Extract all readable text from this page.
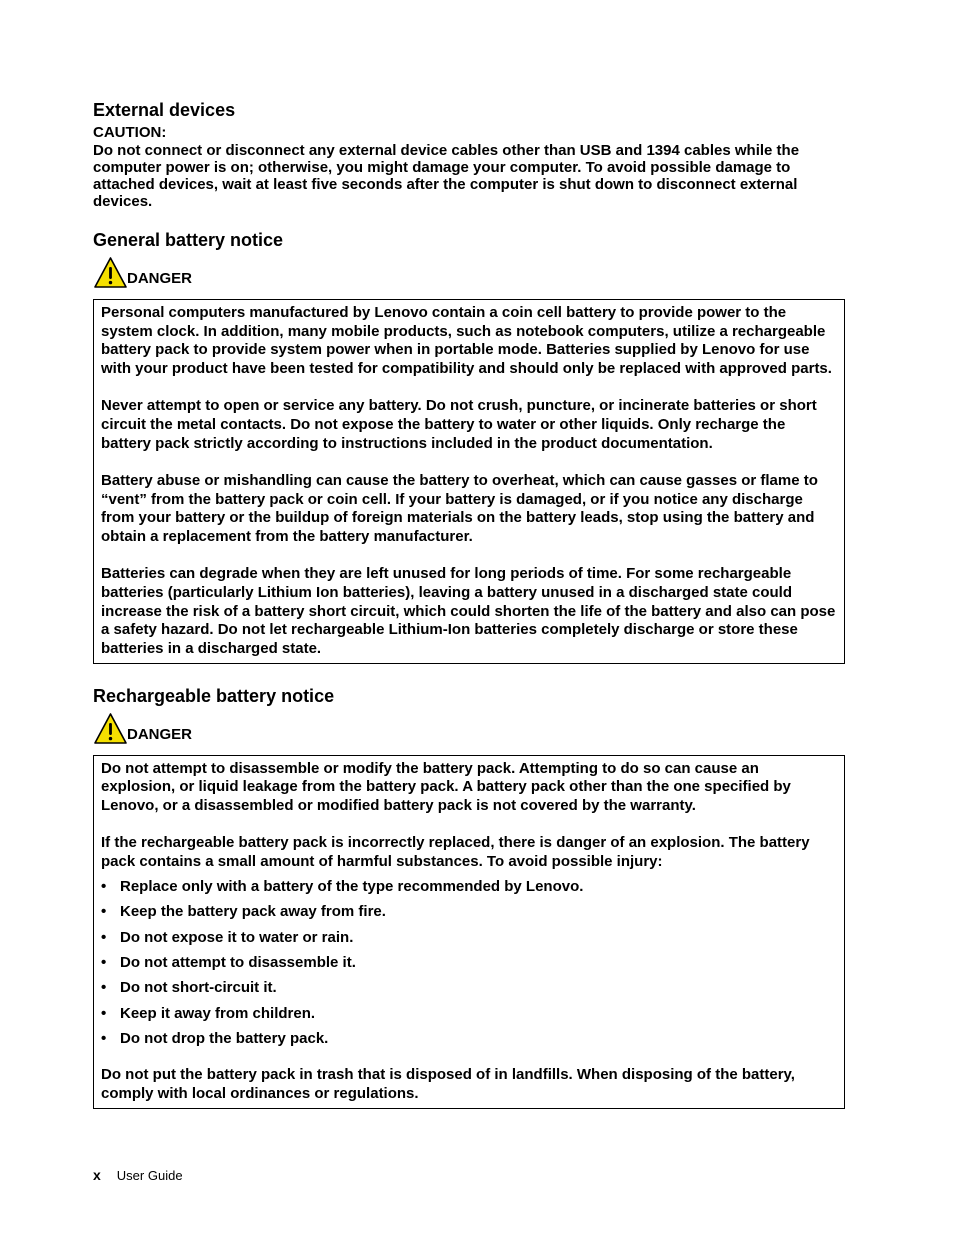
External devices

CAUTION:

Do not connect or disconnect any external device cables other than USB and 1394 cables while the computer power is on; otherwise, you might damage your computer. To avoid possible damage to attached devices, wait at least five seconds after the computer is shut down to disconnect external devices.

General battery notice
DANGER

Personal computers manufactured by Lenovo contain a coin cell battery to provide power to the system clock. In addition, many mobile products, such as notebook computers, utilize a rechargeable battery pack to provide system power when in portable mode. Batteries supplied by Lenovo for use with your product have been tested for compatibility and should only be replaced with approved parts.

Never attempt to open or service any battery. Do not crush, puncture, or incinerate batteries or short circuit the metal contacts. Do not expose the battery to water or other liquids. Only recharge the battery pack strictly according to instructions included in the product documentation.

Battery abuse or mishandling can cause the battery to overheat, which can cause gasses or flame to “vent” from the battery pack or coin cell. If your battery is damaged, or if you notice any discharge from your battery or the buildup of foreign materials on the battery leads, stop using the battery and obtain a replacement from the battery manufacturer.

Batteries can degrade when they are left unused for long periods of time. For some rechargeable batteries (particularly Lithium Ion batteries), leaving a battery unused in a discharged state could increase the risk of a battery short circuit, which could shorten the life of the battery and also can pose a safety hazard. Do not let rechargeable Lithium-Ion batteries completely discharge or store these batteries in a discharged state.

Rechargeable battery notice
DANGER

Do not attempt to disassemble or modify the battery pack. Attempting to do so can cause an explosion, or liquid leakage from the battery pack. A battery pack other than the one specified by Lenovo, or a disassembled or modified battery pack is not covered by the warranty.

If the rechargeable battery pack is incorrectly replaced, there is danger of an explosion. The battery pack contains a small amount of harmful substances. To avoid possible injury:

• Replace only with a battery of the type recommended by Lenovo.
• Keep the battery pack away from fire.
• Do not expose it to water or rain.
• Do not attempt to disassemble it.
• Do not short-circuit it.
• Keep it away from children.
• Do not drop the battery pack.

Do not put the battery pack in trash that is disposed of in landfills. When disposing of the battery, comply with local ordinances or regulations.

x User Guide
